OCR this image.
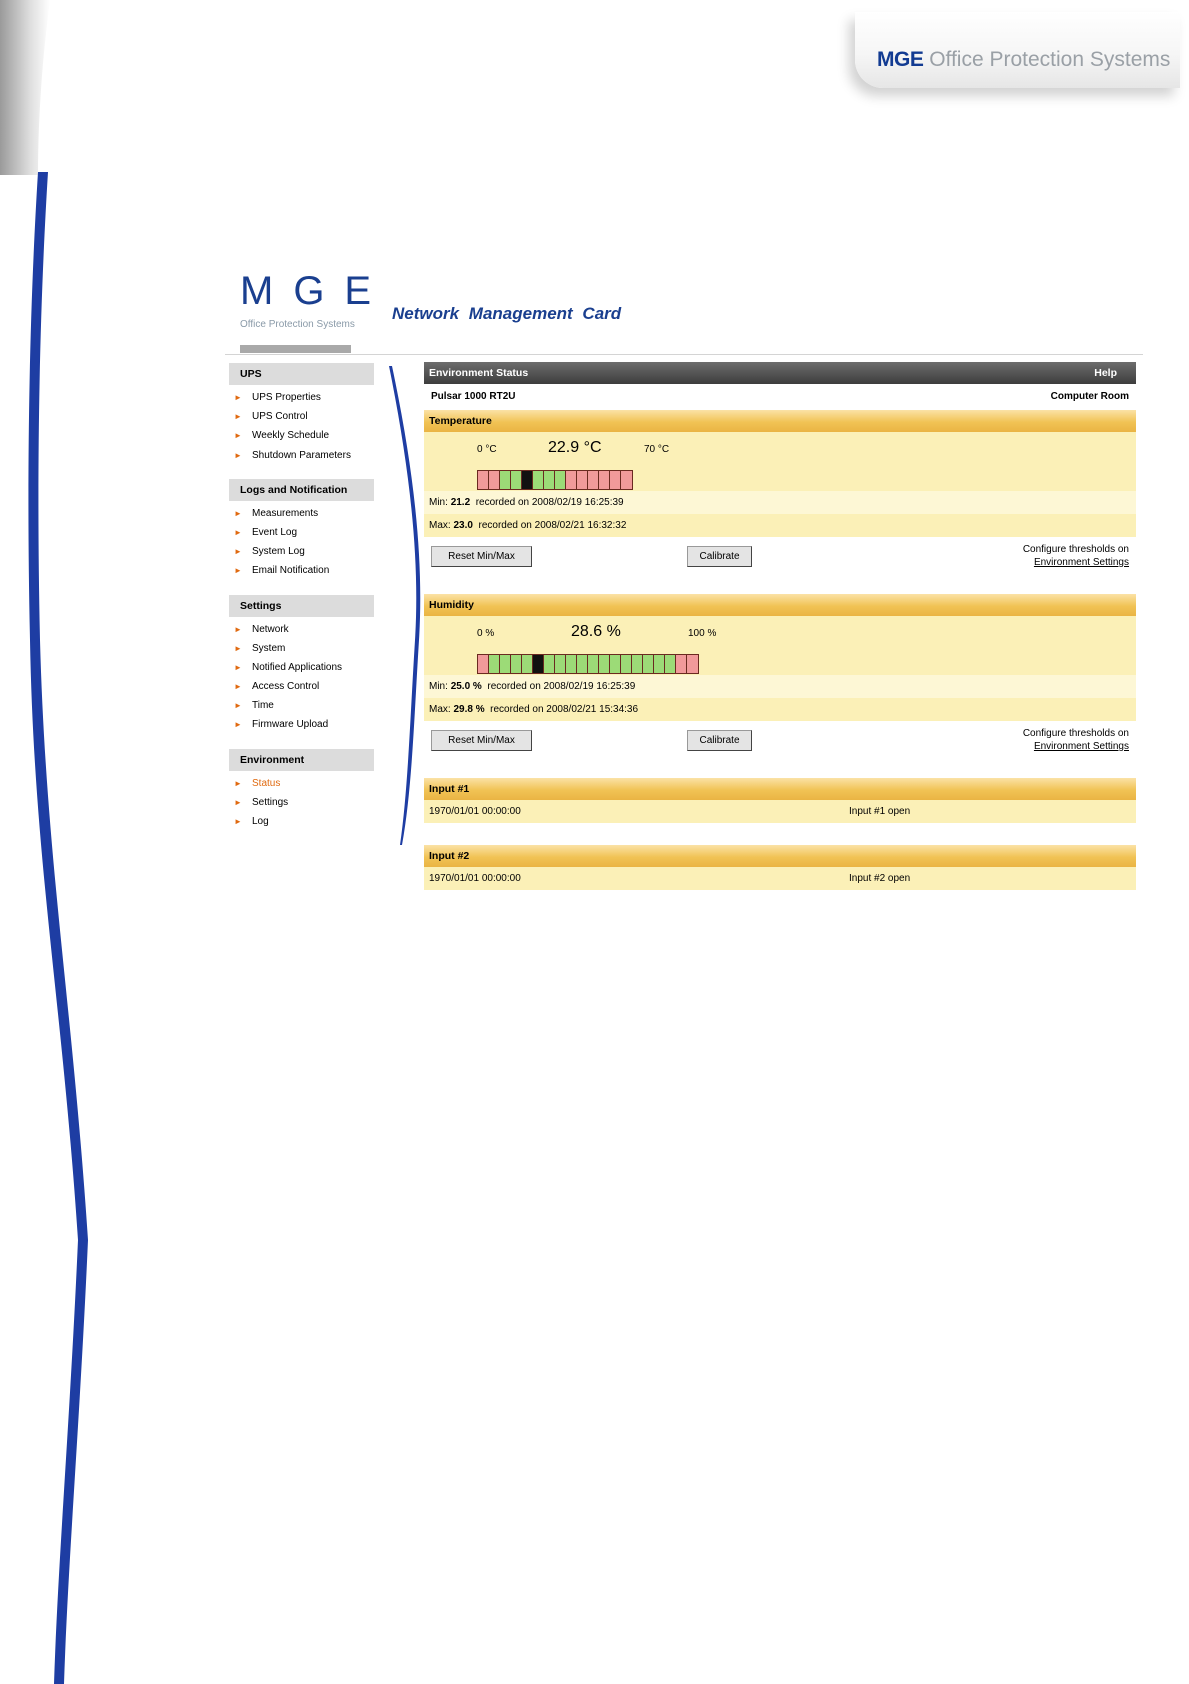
MGE Office Protection Systems
MGE
Office Protection Systems
Network Management Card
UPS
► UPS Properties
► UPS Control
► Weekly Schedule
► Shutdown Parameters
Logs and Notification
► Measurements
► Event Log
► System Log
► Email Notification
Settings
► Network
► System
► Notified Applications
► Access Control
► Time
► Firmware Upload
Environment
► Status
► Settings
► Log
Environment Status	Help
Pulsar 1000 RT2U	Computer Room
Temperature
0 °C	22.9 °C	70 °C
Min: 21.2 recorded on 2008/02/19 16:25:39
Max: 23.0 recorded on 2008/02/21 16:32:32
Reset Min/Max	Calibrate
Configure thresholds on
Environment Settings
Humidity
0 %	28.6 %	100 %
Min: 25.0 % recorded on 2008/02/19 16:25:39
Max: 29.8 % recorded on 2008/02/21 15:34:36
Reset Min/Max	Calibrate
Configure thresholds on
Environment Settings
Input #1
1970/01/01 00:00:00	Input #1 open
Input #2
1970/01/01 00:00:00	Input #2 open
